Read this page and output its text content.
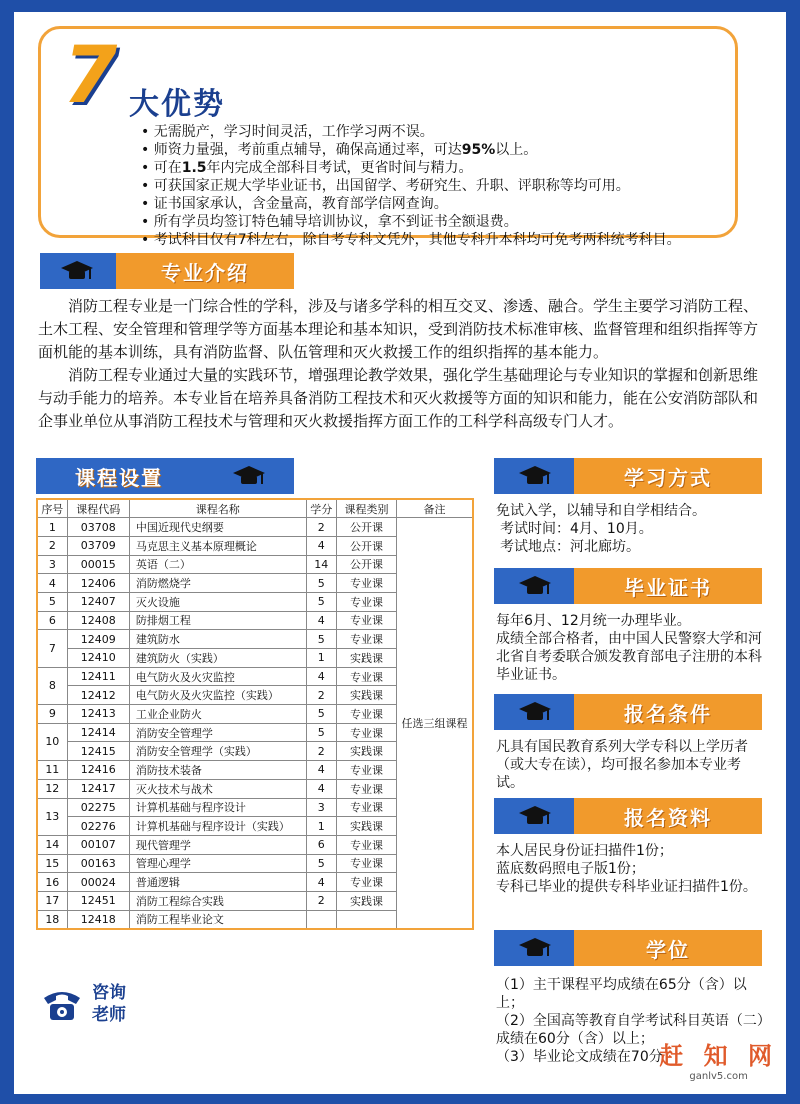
7 大优势
• 无需脱产，学习时间灵活，工作学习两不误。
• 师资力量强，考前重点辅导，确保高通过率，可达95%以上。
• 可在1.5年内完成全部科目考试，更省时间与精力。
• 可获国家正规大学毕业证书，出国留学、考研究生、升职、评职称等均可用。
• 证书国家承认，含金量高，教育部学信网查询。
• 所有学员均签订特色辅导培训协议，拿不到证书全额退费。
• 考试科目仅有7科左右，除自考专科文凭外，其他专科升本科均可免考两科统考科目。
专业介绍

消防工程专业是一门综合性的学科，涉及与诸多学科的相互交叉、渗透、融合。学生主要学习消防工程、土木工程、安全管理和管理学等方面基本理论和基本知识，受到消防技术标准审核、监督管理和组织指挥等方面机能的基本训练，具有消防监督、队伍管理和灭火救援工作的组织指挥的基本能力。

消防工程专业通过大量的实践环节，增强理论教学效果，强化学生基础理论与专业知识的掌握和创新思维与动手能力的培养。本专业旨在培养具备消防工程技术和灭火救援等方面的知识和能力，能在公安消防部队和企事业单位从事消防工程技术与管理和灭火救援指挥方面工作的工科学科高级专门人才。

课程设置
序号	课程代码	课程名称	学分	课程类别	备注
1	03708	中国近现代史纲要	2	公开课	任选三组课程
2	03709	马克思主义基本原理概论	4	公开课	
3	00015	英语（二）	14	公开课	
4	12406	消防燃烧学	5	专业课	
5	12407	灭火设施	5	专业课	
6	12408	防排烟工程	4	专业课	
7	12409	建筑防水	5	专业课	
	12410	建筑防火（实践）	1	实践课	
8	12411	电气防火及火灾监控	4	专业课	
	12412	电气防火及火灾监控（实践）	2	实践课	
9	12413	工业企业防火	5	专业课	
10	12414	消防安全管理学	5	专业课	
	12415	消防安全管理学（实践）	2	实践课	
11	12416	消防技术装备	4	专业课	
12	12417	灭火技术与战术	4	专业课	
13	02275	计算机基础与程序设计	3	专业课	
	02276	计算机基础与程序设计（实践）	1	实践课	
14	00107	现代管理学	6	专业课	
15	00163	管理心理学	5	专业课	
16	00024	普通逻辑	4	专业课	
17	12451	消防工程综合实践	2	实践课	
18	12418	消防工程毕业论文			
学习方式
免试入学，以辅导和自学相结合。
考试时间：4月、10月。
考试地点：河北廊坊。
毕业证书
每年6月、12月统一办理毕业。
成绩全部合格者，由中国人民警察大学和河北省自考委联合颁发教育部电子注册的本科毕业证书。
报名条件
凡具有国民教育系列大学专科以上学历者（或大专在读），均可报名参加本专业考试。
报名资料
本人居民身份证扫描件1份；
蓝底数码照电子版1份；
专科已毕业的提供专科毕业证扫描件1份。
学位
（1）主干课程平均成绩在65分（含）以上；
（2）全国高等教育自学考试科目英语（二）成绩在60分（含）以上；
（3）毕业论文成绩在70分
咨询
老师
赶 知 网
ganlv5.com
